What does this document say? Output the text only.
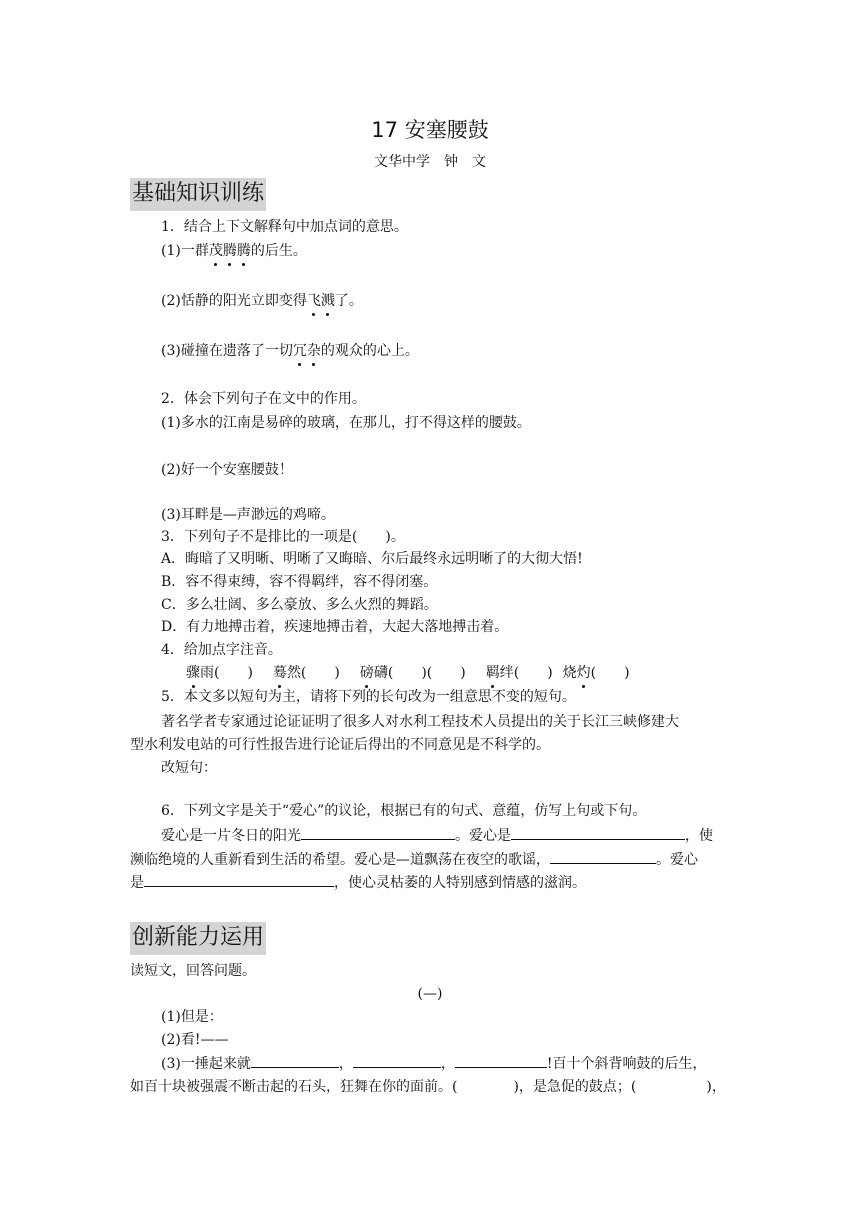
17 安塞腰鼓
文华中学 钟 文
基础知识训练
1．结合上下文解释句中加点词的意思。
(1)一群茂腾腾的后生。
(2)恬静的阳光立即变得飞溅了。
(3)碰撞在遗落了一切冗杂的观众的心上。
2．体会下列句子在文中的作用。
(1)多水的江南是易碎的玻璃，在那儿，打不得这样的腰鼓。
(2)好一个安塞腰鼓！
(3)耳畔是—声渺远的鸡啼。
3．下列句子不是排比的一项是(　　)。
A．晦暗了又明晰、明晰了又晦暗、尔后最终永远明晰了的大彻大悟!
B．容不得束缚，容不得羁绊，容不得闭塞。
C．多么壮阔、多么豪放、多么火烈的舞蹈。
D．有力地搏击着，疾速地搏击着，大起大落地搏击着。
4．给加点字注音。
骤雨(　　) 蓦然(　　) 磅礴(　　)(　　) 羁绊(　　) 烧灼(　　)
5．本文多以短句为主，请将下列的长句改为一组意思不变的短句。
著名学者专家通过论证证明了很多人对水利工程技术人员提出的关于长江三峡修建大
型水利发电站的可行性报告进行论证后得出的不同意见是不科学的。
改短句：
6．下列文字是关于“爱心”的议论，根据已有的句式、意蕴，仿写上句或下句。
爱心是一片冬日的阳光	。爱心是	，使
濒临绝境的人重新看到生活的希望。爱心是—道飘荡在夜空的歌谣，	。爱心
是	，使心灵枯萎的人特别感到情感的滋润。
创新能力运用
读短文，回答问题。
(—)
(1)但是：
(2)看!——
(3)一捶起来就	，	，	!百十个斜背响鼓的后生，
如百十块被强震不断击起的石头，狂舞在你的面前。(　　　　)，是急促的鼓点；(　　　　　)，
